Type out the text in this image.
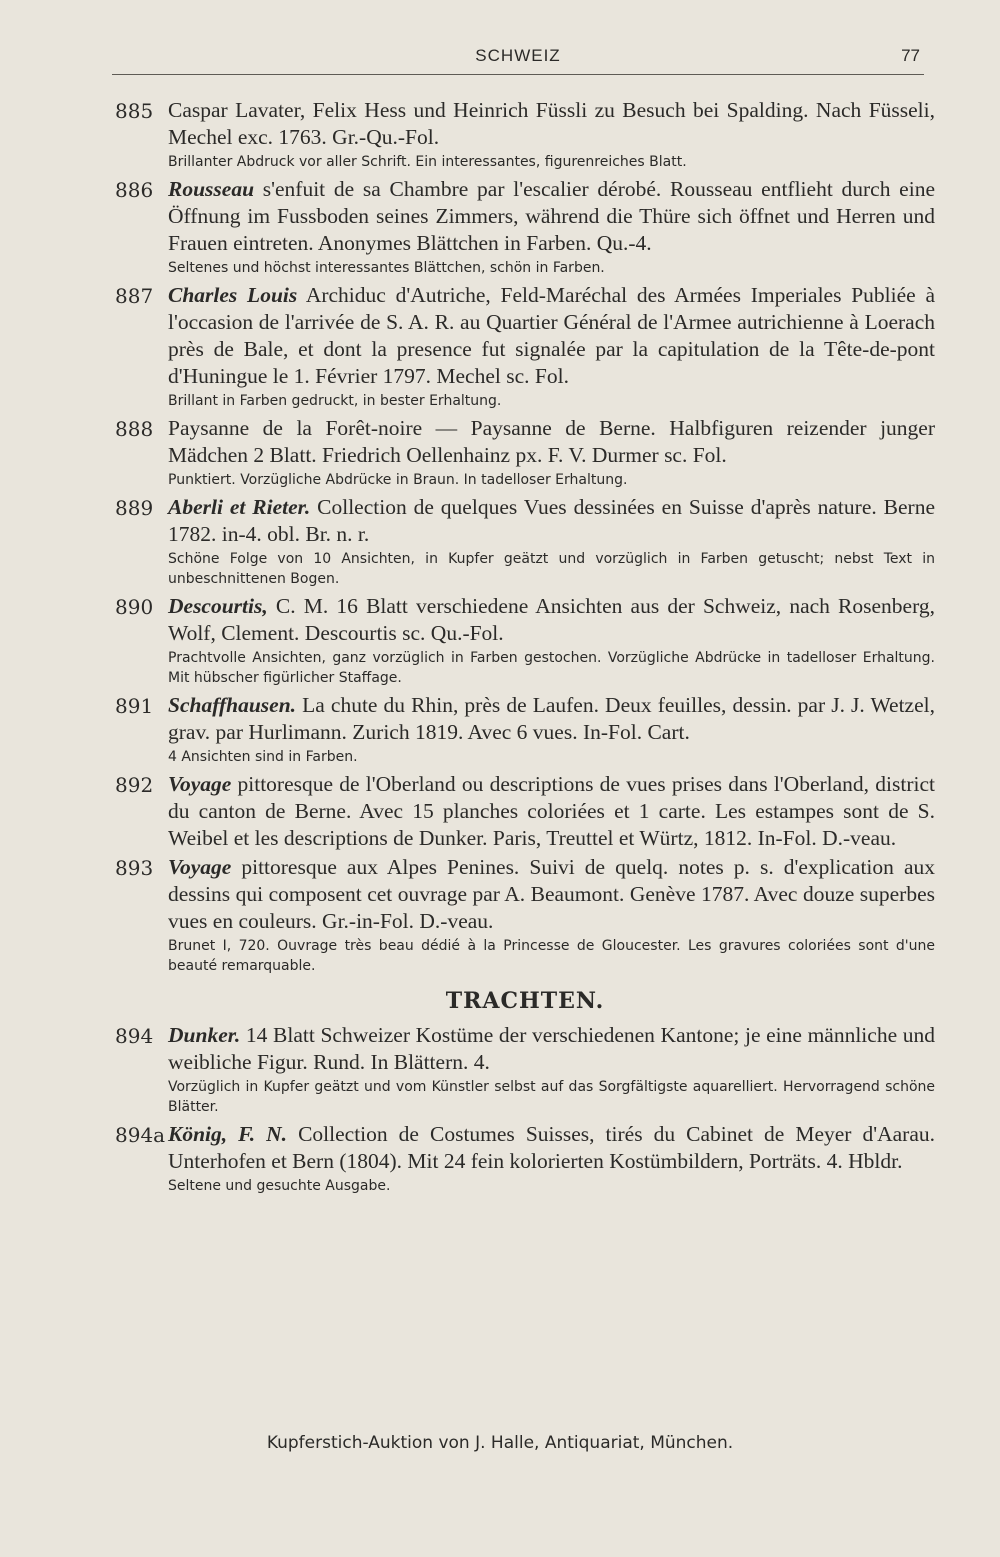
SCHWEIZ	77
885 Caspar Lavater, Felix Hess und Heinrich Füssli zu Besuch bei Spalding. Nach Füsseli, Mechel exc. 1763. Gr.-Qu.-Fol.
Brillanter Abdruck vor aller Schrift. Ein interessantes, figurenreiches Blatt.
886 Rousseau s'enfuit de sa Chambre par l'escalier dérobé. Rousseau entflieht durch eine Öffnung im Fussboden seines Zimmers, während die Thüre sich öffnet und Herren und Frauen eintreten. Anonymes Blättchen in Farben. Qu.-4.
Seltenes und höchst interessantes Blättchen, schön in Farben.
887 Charles Louis Archiduc d'Autriche, Feld-Maréchal des Armées Imperiales Publiée à l'occasion de l'arrivée de S. A. R. au Quartier Général de l'Armee autrichienne à Loerach près de Bale, et dont la presence fut signalée par la capitulation de la Tête-de-pont d'Huningue le 1. Février 1797. Mechel sc. Fol.
Brillant in Farben gedruckt, in bester Erhaltung.
888 Paysanne de la Forêt-noire — Paysanne de Berne. Halbfiguren reizender junger Mädchen 2 Blatt. Friedrich Oellenhainz px. F. V. Durmer sc. Fol.
Punktiert. Vorzügliche Abdrücke in Braun. In tadelloser Erhaltung.
889 Aberli et Rieter. Collection de quelques Vues dessinées en Suisse d'après nature. Berne 1782. in-4. obl. Br. n. r.
Schöne Folge von 10 Ansichten, in Kupfer geätzt und vorzüglich in Farben getuscht; nebst Text in unbeschnittenen Bogen.
890 Descourtis, C. M. 16 Blatt verschiedene Ansichten aus der Schweiz, nach Rosenberg, Wolf, Clement. Descourtis sc. Qu.-Fol.
Prachtvolle Ansichten, ganz vorzüglich in Farben gestochen. Vorzügliche Abdrücke in tadelloser Erhaltung. Mit hübscher figürlicher Staffage.
891 Schaffhausen. La chute du Rhin, près de Laufen. Deux feuilles, dessin. par J. J. Wetzel, grav. par Hurlimann. Zurich 1819. Avec 6 vues. In-Fol. Cart.
4 Ansichten sind in Farben.
892 Voyage pittoresque de l'Oberland ou descriptions de vues prises dans l'Oberland, district du canton de Berne. Avec 15 planches coloriées et 1 carte. Les estampes sont de S. Weibel et les descriptions de Dunker. Paris, Treuttel et Würtz, 1812. In-Fol. D.-veau.
893 Voyage pittoresque aux Alpes Penines. Suivi de quelq. notes p. s. d'explication aux dessins qui composent cet ouvrage par A. Beaumont. Genève 1787. Avec douze superbes vues en couleurs. Gr.-in-Fol. D.-veau.
Brunet I, 720. Ouvrage très beau dédié à la Princesse de Gloucester. Les gravures coloriées sont d'une beauté remarquable.
TRACHTEN.
894 Dunker. 14 Blatt Schweizer Kostüme der verschiedenen Kantone; je eine männliche und weibliche Figur. Rund. In Blättern. 4.
Vorzüglich in Kupfer geätzt und vom Künstler selbst auf das Sorgfältigste aquarelliert. Hervorragend schöne Blätter.
894a König, F. N. Collection de Costumes Suisses, tirés du Cabinet de Meyer d'Aarau. Unterhofen et Bern (1804). Mit 24 fein kolorierten Kostümbildern, Porträts. 4. Hbldr.
Seltene und gesuchte Ausgabe.
Kupferstich-Auktion von J. Halle, Antiquariat, München.
